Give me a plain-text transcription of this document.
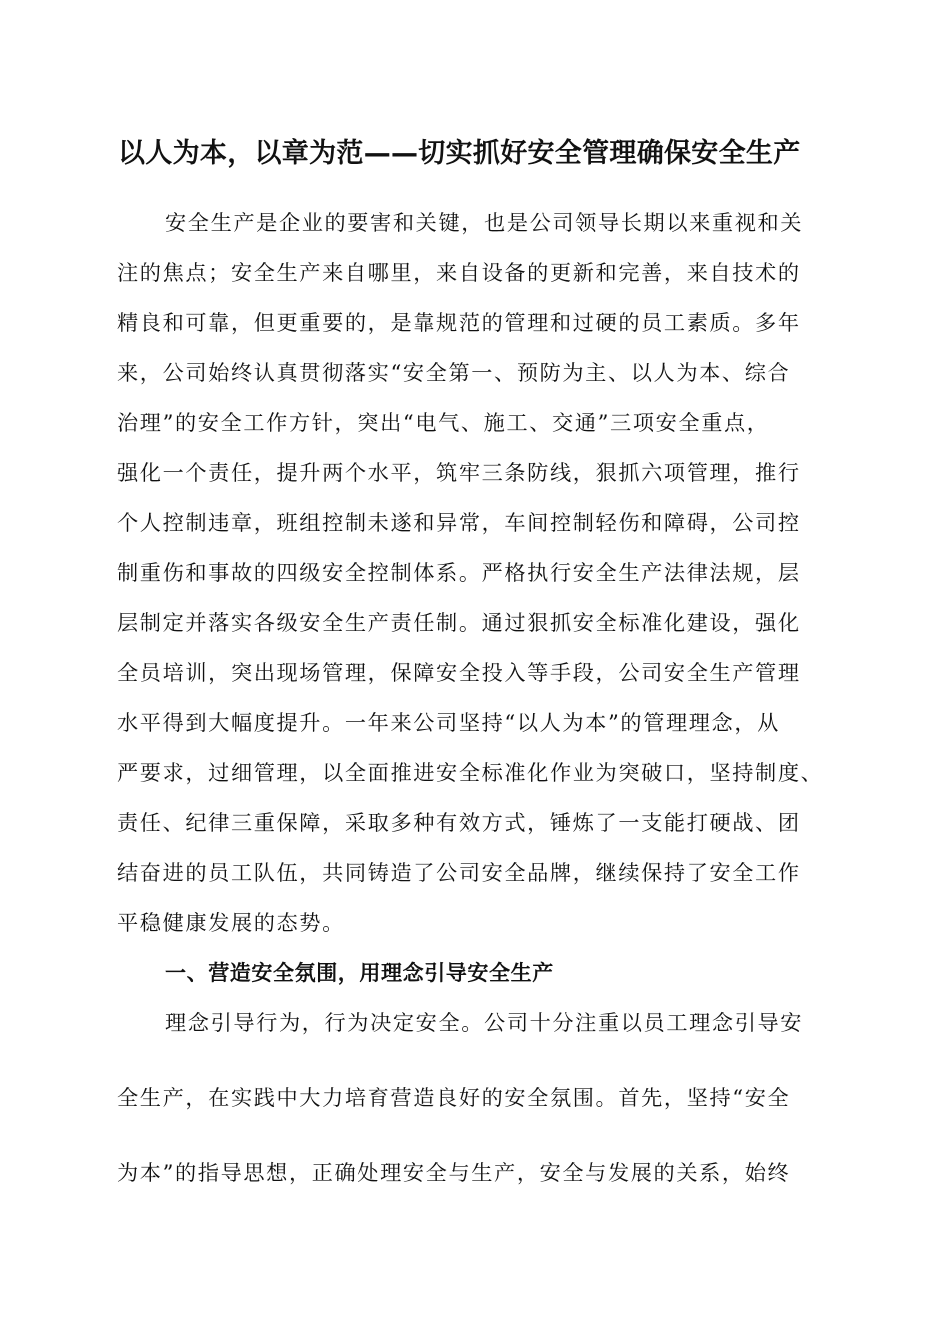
以人为本，以章为范——切实抓好安全管理确保安全生产
安全生产是企业的要害和关键，也是公司领导长期以来重视和关
注的焦点；安全生产来自哪里，来自设备的更新和完善，来自技术的
精良和可靠，但更重要的，是靠规范的管理和过硬的员工素质。多年
来，公司始终认真贯彻落实“安全第一、预防为主、以人为本、综合
治理”的安全工作方针，突出“电气、施工、交通”三项安全重点，
强化一个责任，提升两个水平，筑牢三条防线，狠抓六项管理，推行
个人控制违章，班组控制未遂和异常，车间控制轻伤和障碍，公司控
制重伤和事故的四级安全控制体系。严格执行安全生产法律法规，层
层制定并落实各级安全生产责任制。通过狠抓安全标准化建设，强化
全员培训，突出现场管理，保障安全投入等手段，公司安全生产管理
水平得到大幅度提升。一年来公司坚持“以人为本”的管理理念，从
严要求，过细管理，以全面推进安全标准化作业为突破口，坚持制度、
责任、纪律三重保障，采取多种有效方式，锤炼了一支能打硬战、团
结奋进的员工队伍，共同铸造了公司安全品牌，继续保持了安全工作
平稳健康发展的态势。
一、营造安全氛围，用理念引导安全生产
理念引导行为，行为决定安全。公司十分注重以员工理念引导安
全生产，在实践中大力培育营造良好的安全氛围。首先，坚持“安全
为本”的指导思想，正确处理安全与生产，安全与发展的关系，始终
